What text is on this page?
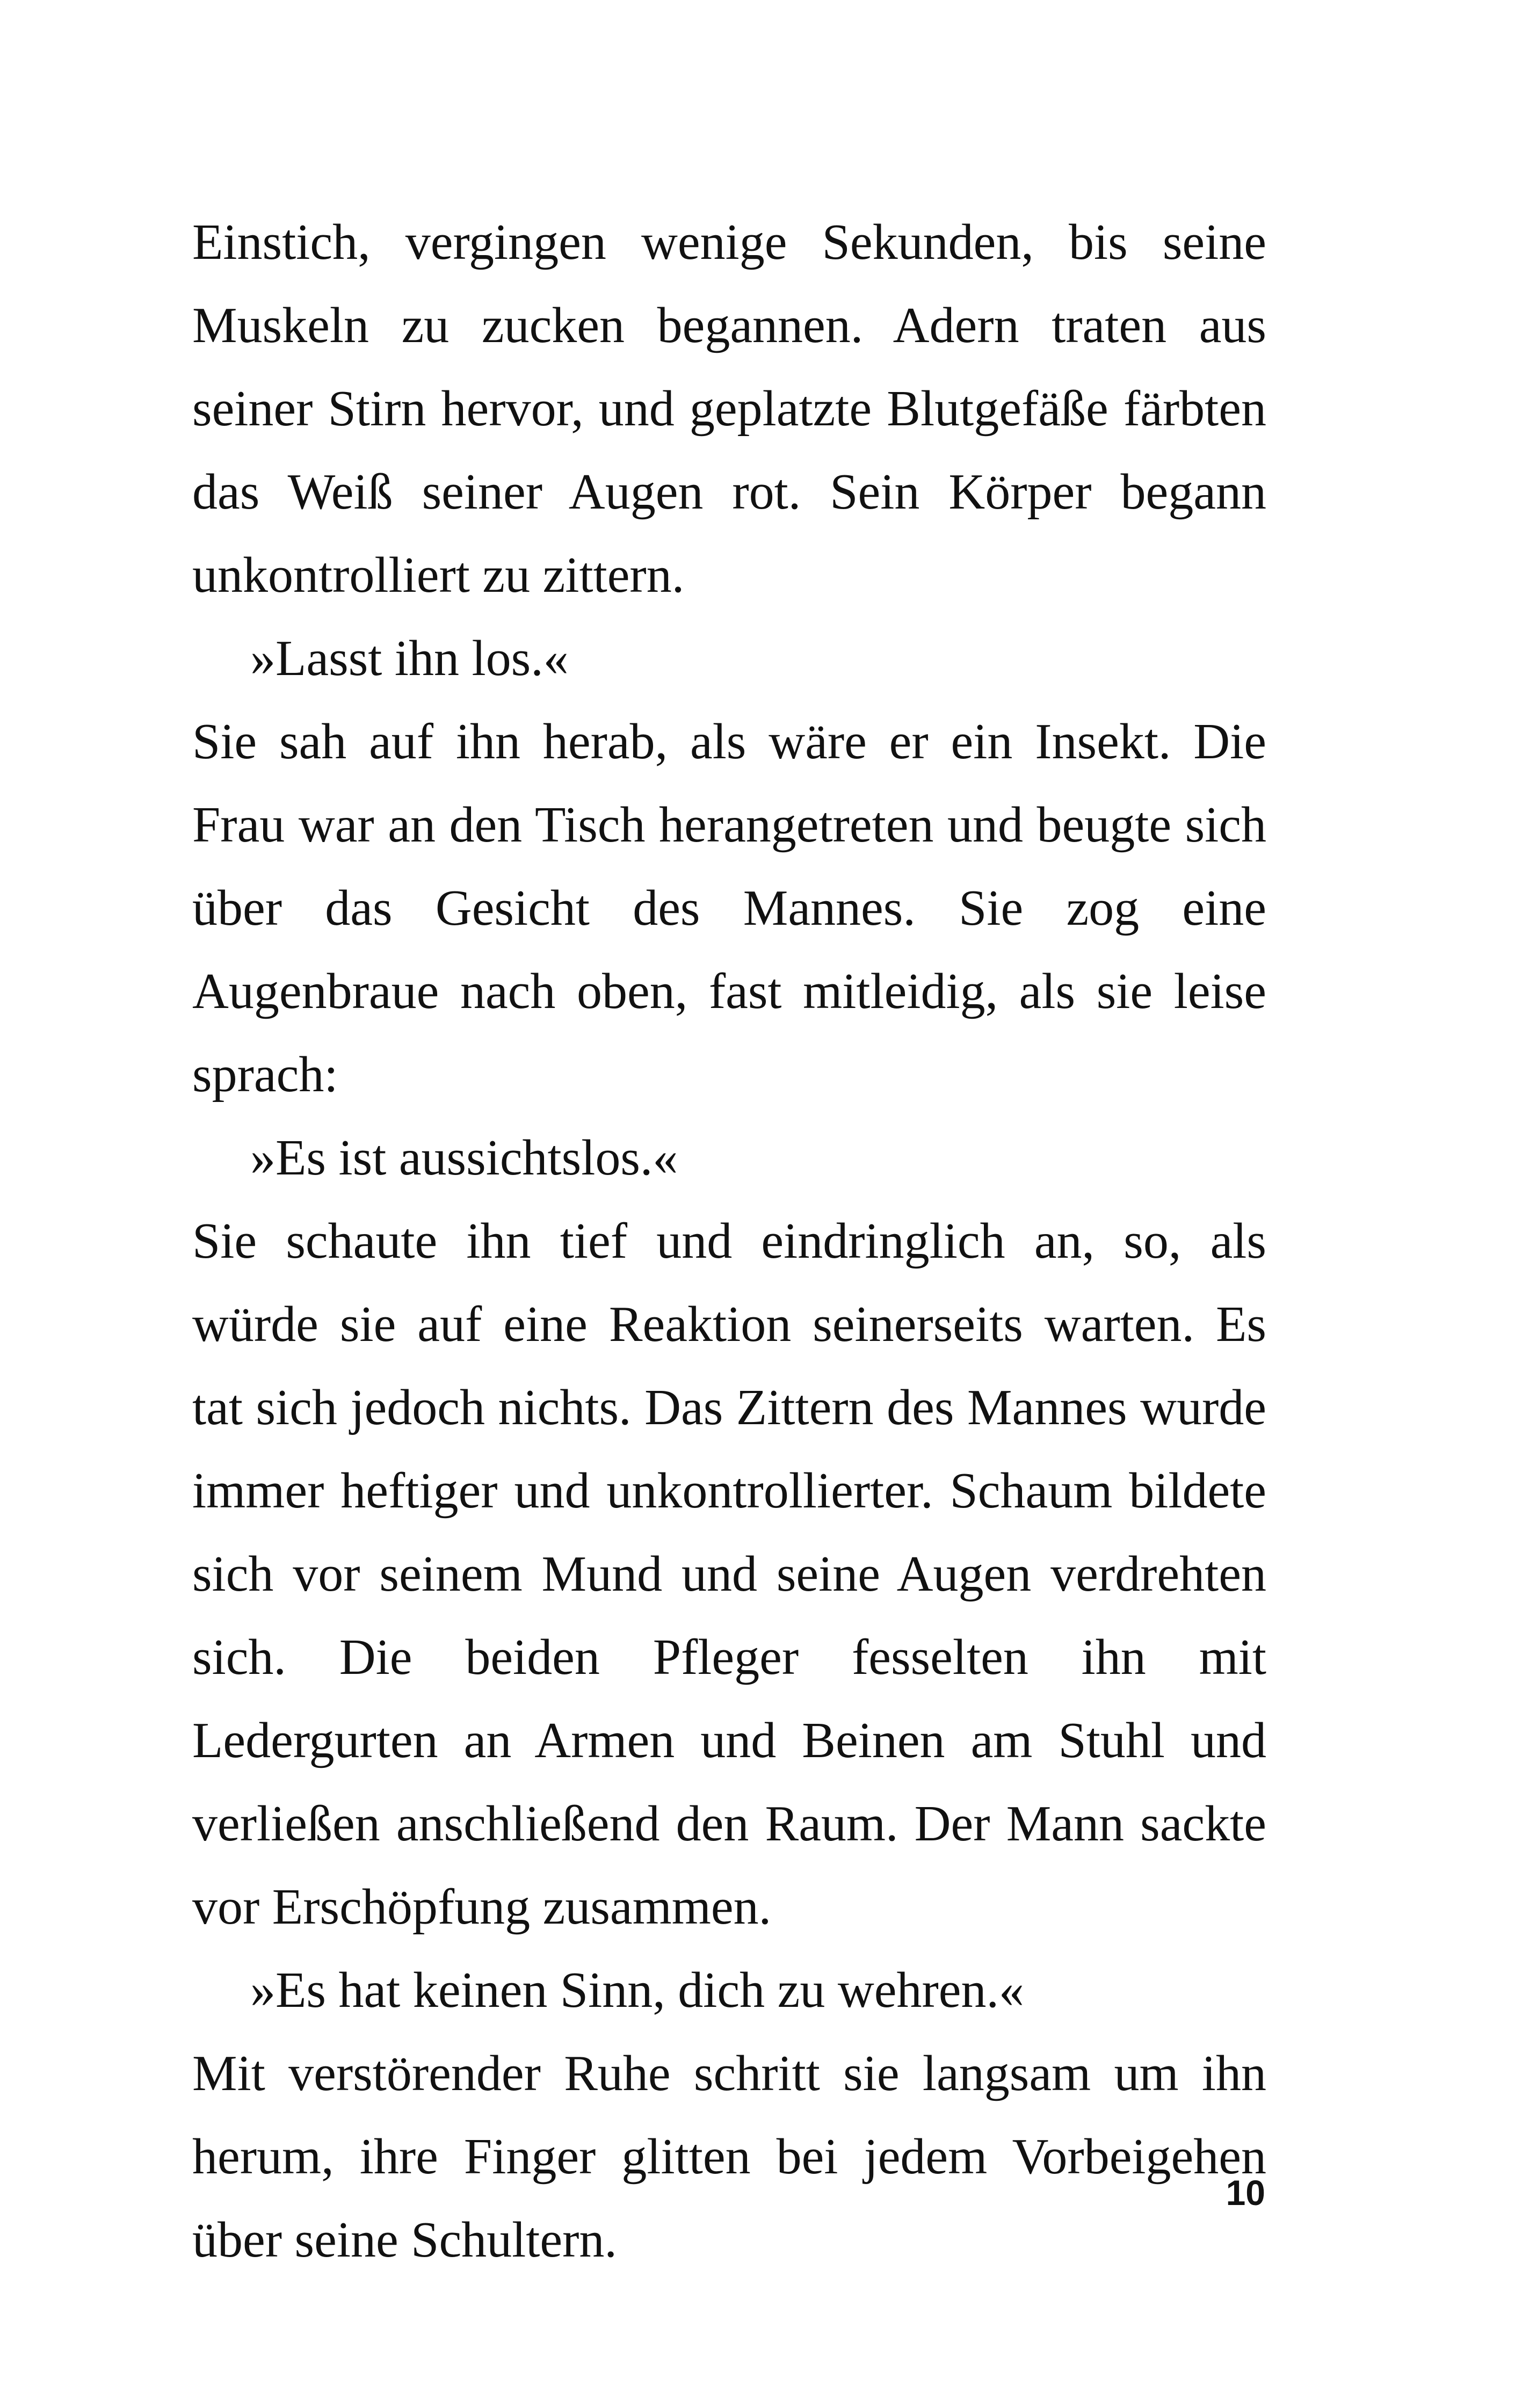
Einstich, vergingen wenige Sekunden, bis seine Muskeln zu zucken begannen. Adern traten aus seiner Stirn hervor, und geplatzte Blutgefäße färbten das Weiß seiner Augen rot. Sein Körper begann unkontrolliert zu zittern.

»Lasst ihn los.«

Sie sah auf ihn herab, als wäre er ein Insekt. Die Frau war an den Tisch herangetreten und beugte sich über das Gesicht des Mannes. Sie zog eine Augenbraue nach oben, fast mitleidig, als sie leise sprach:

»Es ist aussichtslos.«

Sie schaute ihn tief und eindringlich an, so, als würde sie auf eine Reaktion seinerseits warten. Es tat sich jedoch nichts. Das Zittern des Mannes wurde immer heftiger und unkontrollierter. Schaum bildete sich vor seinem Mund und seine Augen verdrehten sich. Die beiden Pfleger fesselten ihn mit Ledergurten an Armen und Beinen am Stuhl und verließen anschließend den Raum. Der Mann sackte vor Erschöpfung zusammen.

»Es hat keinen Sinn, dich zu wehren.«

Mit verstörender Ruhe schritt sie langsam um ihn herum, ihre Finger glitten bei jedem Vorbeigehen über seine Schultern.

10
